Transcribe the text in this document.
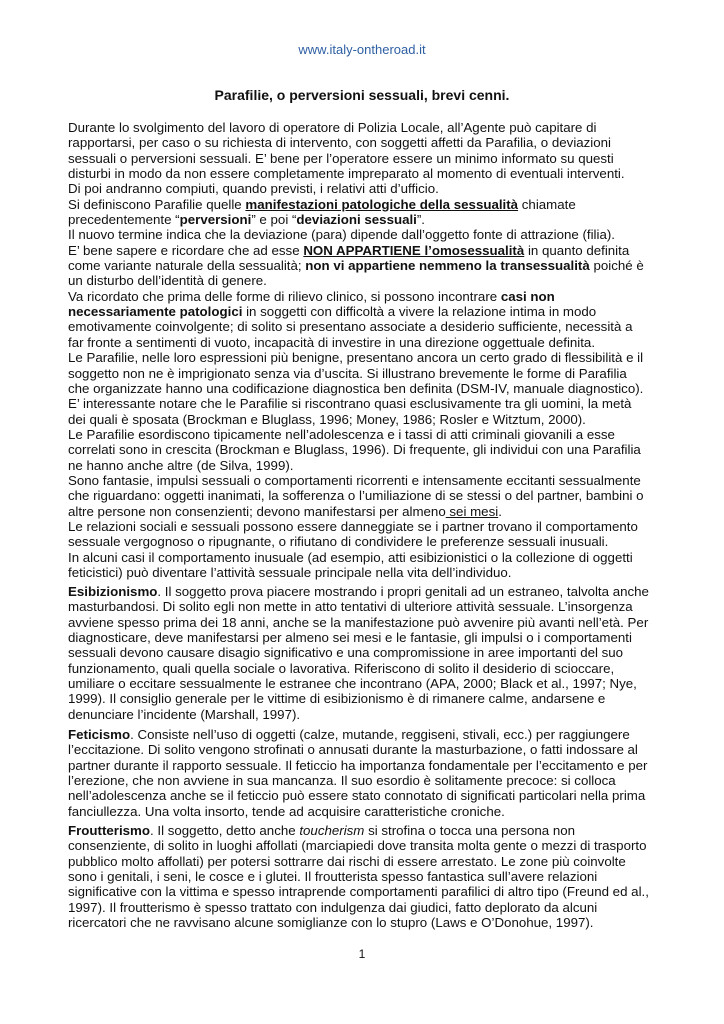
www.italy-ontheroad.it
Parafilie, o perversioni sessuali, brevi cenni.
Durante lo svolgimento del lavoro di operatore di Polizia Locale, all’Agente può capitare di
rapportarsi, per caso o su richiesta di intervento, con soggetti affetti da Parafilia, o deviazioni
sessuali o perversioni sessuali. E’ bene per l’operatore essere un minimo informato su questi
disturbi in modo da non essere completamente impreparato al momento di eventuali interventi.
Di poi andranno compiuti, quando previsti, i relativi atti d’ufficio.
Si definiscono Parafilie quelle manifestazioni patologiche della sessualità chiamate
precedentemente “perversioni” e poi “deviazioni sessuali”.
Il nuovo termine indica che la deviazione (para) dipende dall’oggetto fonte di attrazione (filia).
E’ bene sapere e ricordare che ad esse NON APPARTIENE l’omosessualità in quanto definita
come variante naturale della sessualità; non vi appartiene nemmeno la transessualità poiché è
un disturbo dell’identità di genere.
Va ricordato che prima delle forme di rilievo clinico, si possono incontrare casi non
necessariamente patologici in soggetti con difficoltà a vivere la relazione intima in modo
emotivamente coinvolgente; di solito si presentano associate a desiderio sufficiente, necessità a
far fronte a sentimenti di vuoto, incapacità di investire in una direzione oggettuale definita.
Le Parafilie, nelle loro espressioni più benigne, presentano ancora un certo grado di flessibilità e il
soggetto non ne è imprigionato senza via d’uscita. Si illustrano brevemente le forme di Parafilia
che organizzate hanno una codificazione diagnostica ben definita (DSM-IV, manuale diagnostico).
E’ interessante notare che le Parafilie si riscontrano quasi esclusivamente tra gli uomini, la metà
dei quali è sposata (Brockman e Bluglass, 1996; Money, 1986; Rosler e Witztum, 2000).
Le Parafilie esordiscono tipicamente nell’adolescenza e i tassi di atti criminali giovanili a esse
correlati sono in crescita (Brockman e Bluglass, 1996). Di frequente, gli individui con una Parafilia
ne hanno anche altre (de Silva, 1999).
Sono fantasie, impulsi sessuali o comportamenti ricorrenti e intensamente eccitanti sessualmente
che riguardano: oggetti inanimati, la sofferenza o l’umiliazione di se stessi o del partner, bambini o
altre persone non consenzienti; devono manifestarsi per almeno sei mesi.
Le relazioni sociali e sessuali possono essere danneggiate se i partner trovano il comportamento
sessuale vergognoso o ripugnante, o rifiutano di condividere le preferenze sessuali inusuali.
In alcuni casi il comportamento inusuale (ad esempio, atti esibizionistici o la collezione di oggetti
feticistici) può diventare l’attività sessuale principale nella vita dell’individuo.
Esibizionismo. Il soggetto prova piacere mostrando i propri genitali ad un estraneo, talvolta anche
masturbandosi. Di solito egli non mette in atto tentativi di ulteriore attività sessuale. L’insorgenza
avviene spesso prima dei 18 anni, anche se la manifestazione può avvenire più avanti nell’età. Per
diagnosticare, deve manifestarsi per almeno sei mesi e le fantasie, gli impulsi o i comportamenti
sessuali devono causare disagio significativo e una compromissione in aree importanti del suo
funzionamento, quali quella sociale o lavorativa. Riferiscono di solito il desiderio di scioccare,
umiliare o eccitare sessualmente le estranee che incontrano (APA, 2000; Black et al., 1997; Nye,
1999). Il consiglio generale per le vittime di esibizionismo è di rimanere calme, andarsene e
denunciare l’incidente (Marshall, 1997).
Feticismo. Consiste nell’uso di oggetti (calze, mutande, reggiseni, stivali, ecc.) per raggiungere
l’eccitazione. Di solito vengono strofinati o annusati durante la masturbazione, o fatti indossare al
partner durante il rapporto sessuale. Il feticcio ha importanza fondamentale per l’eccitamento e per
l’erezione, che non avviene in sua mancanza. Il suo esordio è solitamente precoce: si colloca
nell’adolescenza anche se il feticcio può essere stato connotato di significati particolari nella prima
fanciullezza. Una volta insorto, tende ad acquisire caratteristiche croniche.
Froutterismo. Il soggetto, detto anche toucherism si strofina o tocca una persona non
consenziente, di solito in luoghi affollati (marciapiedi dove transita molta gente o mezzi di trasporto
pubblico molto affollati) per potersi sottrarre dai rischi di essere arrestato. Le zone più coinvolte
sono i genitali, i seni, le cosce e i glutei. Il froutterista spesso fantastica sull’avere relazioni
significative con la vittima e spesso intraprende comportamenti parafilici di altro tipo (Freund ed al.,
1997). Il froutterismo è spesso trattato con indulgenza dai giudici, fatto deplorato da alcuni
ricercatori che ne ravvisano alcune somiglianze con lo stupro (Laws e O’Donohue, 1997).
1
